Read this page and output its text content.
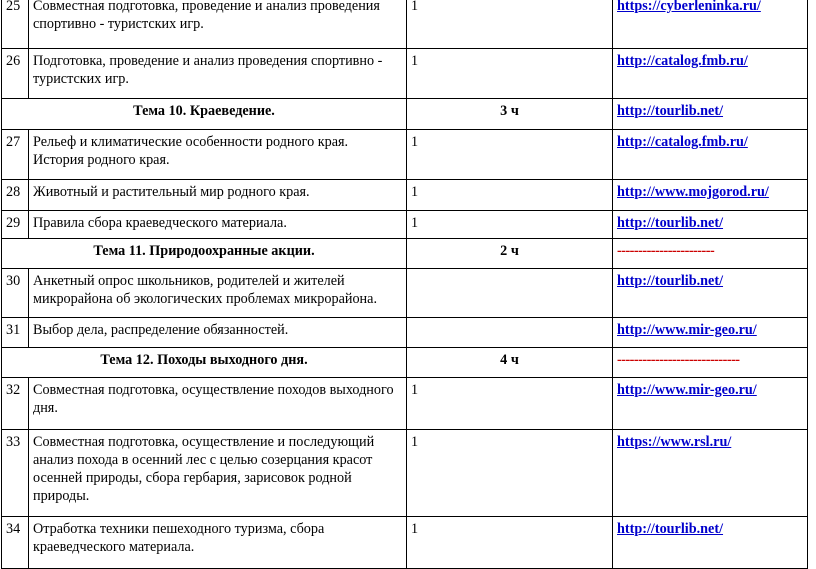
25	Совместная подготовка, проведение и анализ проведения спортивно - туристских игр.	1	https://cyberleninka.ru/
26	Подготовка, проведение и анализ проведения спортивно - туристских игр.	1	http://catalog.fmb.ru/
Тема 10. Краеведение.		3 ч	http://tourlib.net/
27	Рельеф и климатические особенности родного края. История родного края.	1	http://catalog.fmb.ru/
28	Животный и растительный мир родного края.	1	http://www.mojgorod.ru/
29	Правила сбора краеведческого материала.	1	http://tourlib.net/
Тема 11. Природоохранные акции.		2 ч	-----------------------
30	Анкетный опрос школьников, родителей и жителей микрорайона об экологических проблемах микрорайона.		http://tourlib.net/
31	Выбор дела, распределение обязанностей.		http://www.mir-geo.ru/
Тема 12. Походы выходного дня.		4 ч	-----------------------------
32	Совместная подготовка, осуществление походов выходного дня.	1	http://www.mir-geo.ru/
33	Совместная подготовка, осуществление и последующий анализ похода в осенний лес с целью созерцания красот осенней природы, сбора гербария, зарисовок родной природы.	1	https://www.rsl.ru/
34	Отработка техники пешеходного туризма, сбора краеведческого материала.	1	http://tourlib.net/
